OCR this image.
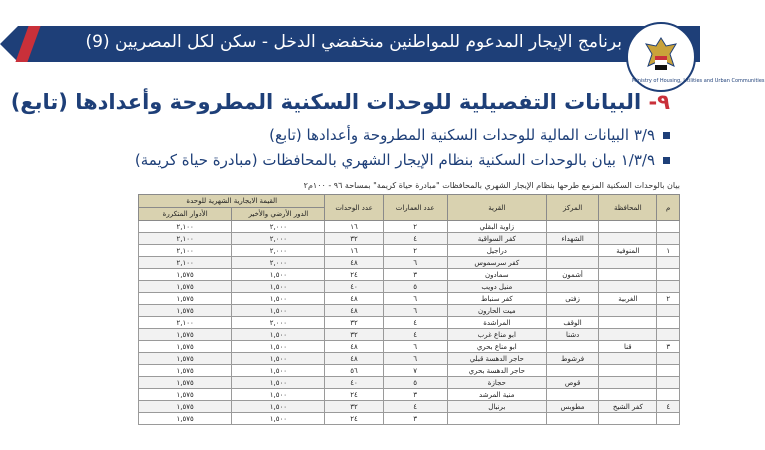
برنامج الإيجار المدعوم للمواطنين منخفضي الدخل - سكن لكل المصريين (9)
Ministry of Housing, Utilities and Urban Communities
٩- البيانات التفصيلية للوحدات السكنية المطروحة وأعدادها (تابع)
٣/٩ البيانات المالية للوحدات السكنية المطروحة وأعدادها (تابع)
١/٣/٩ بيان بالوحدات السكنية بنظام الإيجار الشهري بالمحافظات (مبادرة حياة كريمة)
بيان بالوحدات السكنية المزمع طرحها بنظام الإيجار الشهري بالمحافظات "مبادرة حياة كريمة" بمساحة ٩٦ - ١٠٠م٢
م	المحافظة	المركز	القرية	عدد العمارات	عدد الوحدات	القيمة الايجارية الشهرية للوحدة	
						الدور الأرضي والأخير	الأدوار المتكررة
			زاوية البقلي	٢	١٦	٢,٠٠٠	٢,١٠٠
		الشهداء	كفر السواقية	٤	٣٢	٢,٠٠٠	٢,١٠٠
١	المنوفية		دراجيل	٢	١٦	٢,٠٠٠	٢,١٠٠
			كفر سرسموس	٦	٤٨	٢,٠٠٠	٢,١٠٠
		أشمون	سمادون	٣	٢٤	١,٥٠٠	١,٥٧٥
			منيل دويب	٥	٤٠	١,٥٠٠	١,٥٧٥
٢	الغربية	زفتى	كفر سنباط	٦	٤٨	١,٥٠٠	١,٥٧٥
			ميت الحارون	٦	٤٨	١,٥٠٠	١,٥٧٥
		الوقف	المراشدة	٤	٣٢	٢,٠٠٠	٢,١٠٠
		دشنا	ابو مناع غرب	٤	٣٢	١,٥٠٠	١,٥٧٥
٣	قنا		ابو مناع بحري	٦	٤٨	١,٥٠٠	١,٥٧٥
		فرشوط	حاجر الدهسة قبلي	٦	٤٨	١,٥٠٠	١,٥٧٥
			حاجر الدهسة بحري	٧	٥٦	١,٥٠٠	١,٥٧٥
		قوص	حجازة	٥	٤٠	١,٥٠٠	١,٥٧٥
			منية المرشد	٣	٢٤	١,٥٠٠	١,٥٧٥
٤	كفر الشيخ	مطوبس	برنبال	٤	٣٢	١,٥٠٠	١,٥٧٥
				٣	٢٤	١,٥٠٠	١,٥٧٥
